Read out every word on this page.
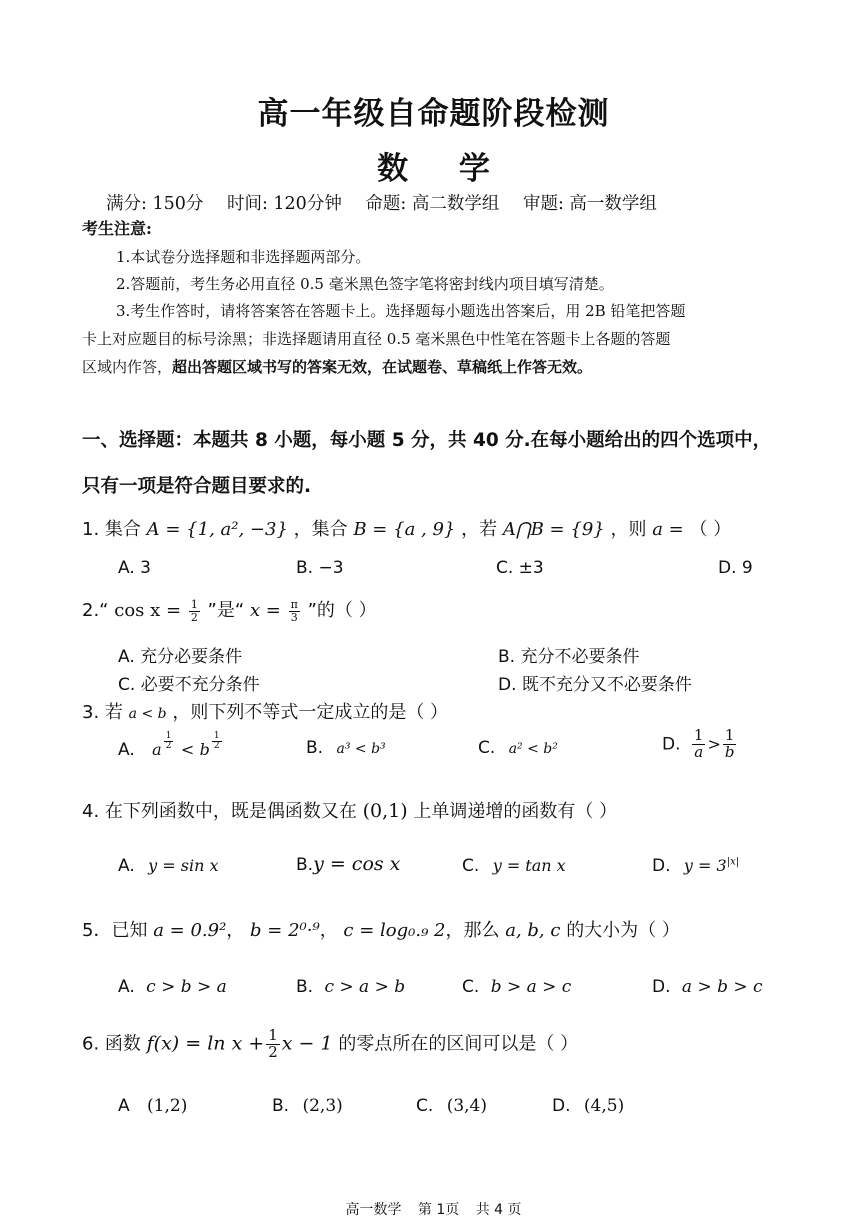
高一年级自命题阶段检测
数 学
满分: 150分 时间: 120分钟 命题: 高二数学组 审题: 高一数学组
考生注意:
1.本试卷分选择题和非选择题两部分。
2.答题前，考生务必用直径 0.5 毫米黑色签字笔将密封线内项目填写清楚。
3.考生作答时，请将答案答在答题卡上。选择题每小题选出答案后，用 2B 铅笔把答题
卡上对应题目的标号涂黑；非选择题请用直径 0.5 毫米黑色中性笔在答题卡上各题的答题
区域内作答，超出答题区域书写的答案无效，在试题卷、草稿纸上作答无效。
一、选择题：本题共 8 小题，每小题 5 分，共 40 分.在每小题给出的四个选项中，
只有一项是符合题目要求的.
1. 集合 A = {1, a², −3} ，集合 B = {a , 9} ，若 A⋂B = {9} ，则 a = （ ）
A. 3	B. −3	C. ±3	D. 9
2.“ $\cos x = \frac{1}{2}$ ”是“ $x = \frac{\pi}{3}$ ”的（ ）
A. 充分必要条件	B. 充分不必要条件
C. 必要不充分条件	D. 既不充分又不必要条件
3. 若 a < b ，则下列不等式一定成立的是（ ）
A. a $\frac{1}{2} < b \frac{1}{2}$	B. a³ < b³	C. a² < b²	D. $\frac{1}{a} > \frac{1}{b}$
4. 在下列函数中，既是偶函数又在 (0,1) 上单调递增的函数有（ ）
A. y = sin x	B.y = cos x	C. y = tan x	D. $y = 3^{|x|}$
5．已知 a = 0.9²， b = 2⁰·⁹， c = log₀.₉ 2，那么 a, b, c 的大小为（ ）
A. c > b > a	B. c > a > b	C. b > a > c	D. a > b > c
6. 函数 $f(x) = \ln x + \frac{1}{2}$ x − 1 的零点所在的区间可以是（ ）
A (1,2)	B. (2,3)	C. (3,4)	D. (4,5)
高一数学 第 1页 共 4 页
